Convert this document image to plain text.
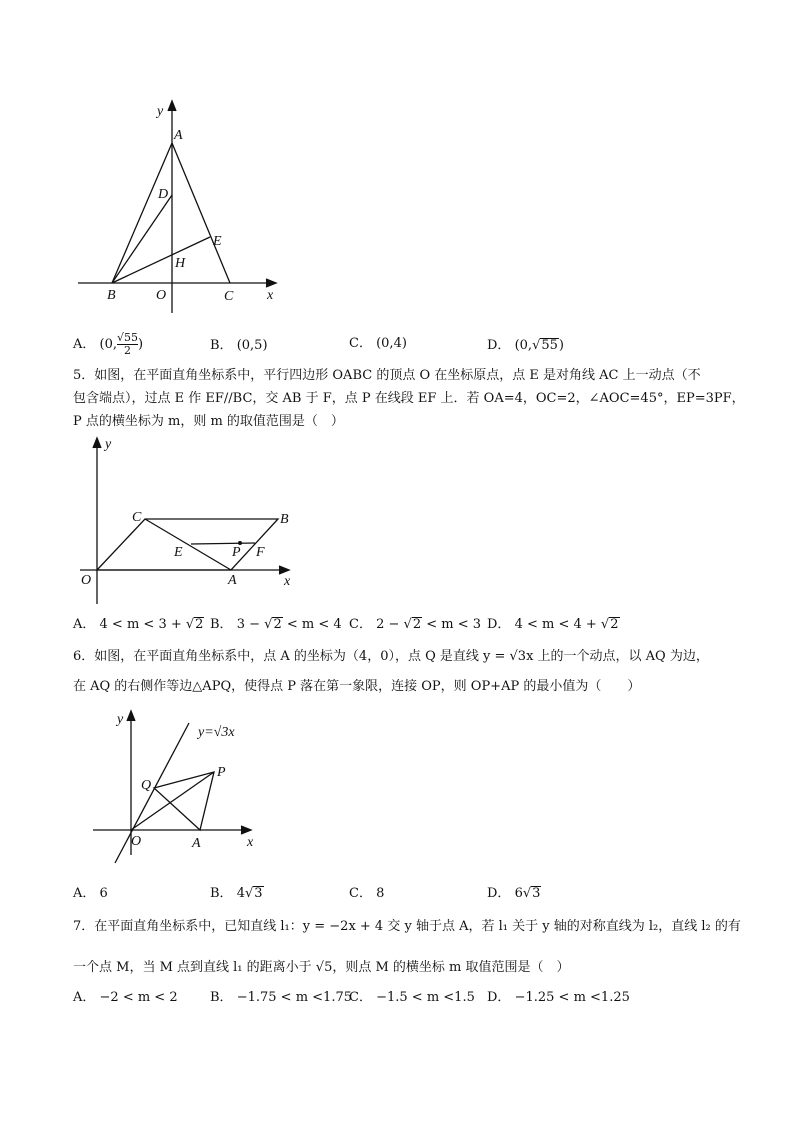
y
A
D
E
H
B	O	C x
A． (0, $\frac{√55}{2}$ )	B． (0,5)	C． (0,4)	D． (0,√55)
5．如图，在平面直角坐标系中，平行四边形 OABC 的顶点 O 在坐标原点，点 E 是对角线 AC 上一动点（不
包含端点），过点 E 作 EF//BC，交 AB 于 F，点 P 在线段 EF 上．若 OA=4，OC=2，∠AOC=45°，EP=3PF，
P 点的横坐标为 m，则 m 的取值范围是（　）
y
C	B
E	P F
O	A	x
A． 4 < m < 3 + √2 B． 3 − √2 < m < 4 C． 2 − √2 < m < 3 D． 4 < m < 4 + √2
6．如图，在平面直角坐标系中，点 A 的坐标为（4，0），点 Q 是直线 y = √3x 上的一个动点，以 AQ 为边，
在 AQ 的右侧作等边△APQ，使得点 P 落在第一象限，连接 OP，则 OP+AP 的最小值为（　　）
y
y=√3x
Q
P
O	A	x
A． 6	B． 4√3	C． 8	D． 6√3
7．在平面直角坐标系中，已知直线 l₁：y = −2x + 4 交 y 轴于点 A，若 l₁ 关于 y 轴的对称直线为 l₂，直线 l₂ 的有
一个点 M，当 M 点到直线 l₁ 的距离小于 √5，则点 M 的横坐标 m 取值范围是（　）
A． −2 < m < 2 B． −1.75 < m <1.75
C． −1.5 < m <1.5 D． −1.25 < m <1.25
